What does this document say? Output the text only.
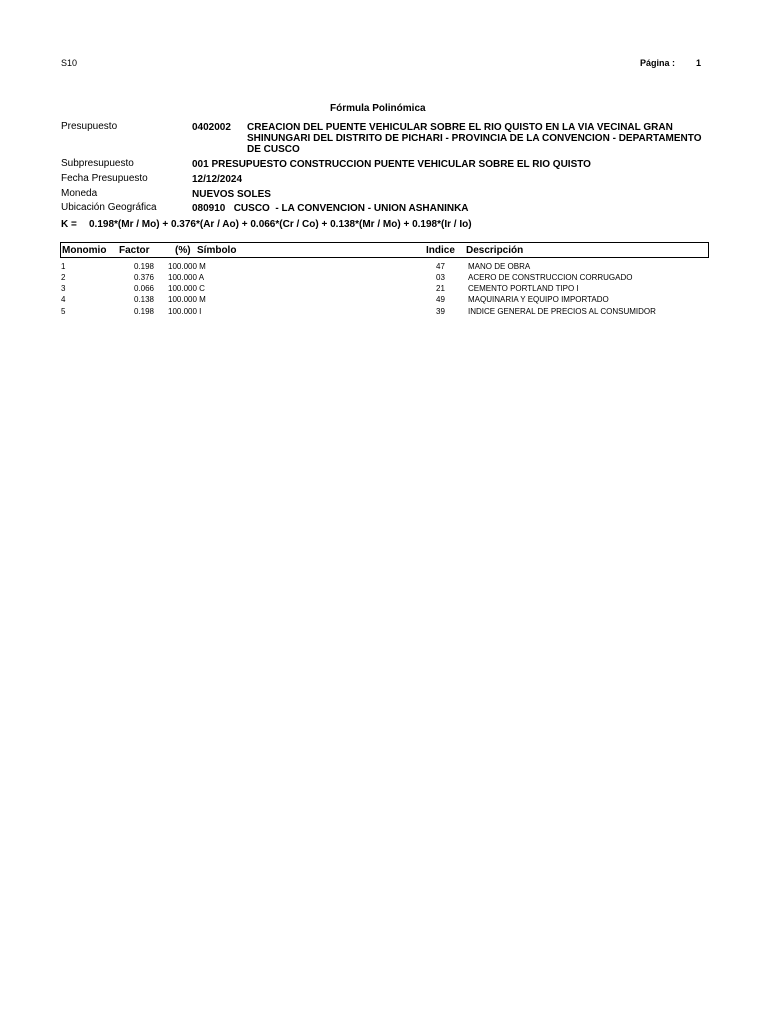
S10	Página : 1
Fórmula Polinómica
Presupuesto	0402002 CREACION DEL PUENTE VEHICULAR SOBRE EL RIO QUISTO EN LA VIA VECINAL GRAN SHINUNGARI DEL DISTRITO DE PICHARI - PROVINCIA DE LA CONVENCION - DEPARTAMENTO DE CUSCO
Subpresupuesto	001 PRESUPUESTO CONSTRUCCION PUENTE VEHICULAR SOBRE EL RIO QUISTO
Fecha Presupuesto	12/12/2024
Moneda	NUEVOS SOLES
Ubicación Geográfica	080910   CUSCO  - LA CONVENCION - UNION ASHANINKA
K = 0.198*(Mr / Mo) + 0.376*(Ar / Ao) + 0.066*(Cr / Co) + 0.138*(Mr / Mo) + 0.198*(Ir / Io)
Monomio Factor	(%) Símbolo	Indice Descripción
1	0.198 100.000 M	47	MANO DE OBRA
2	0.376 100.000 A	03	ACERO DE CONSTRUCCION CORRUGADO
3	0.066 100.000 C	21	CEMENTO PORTLAND TIPO I
4	0.138 100.000 M	49	MAQUINARIA Y EQUIPO IMPORTADO
5	0.198 100.000 I	39	INDICE GENERAL DE PRECIOS AL CONSUMIDOR
